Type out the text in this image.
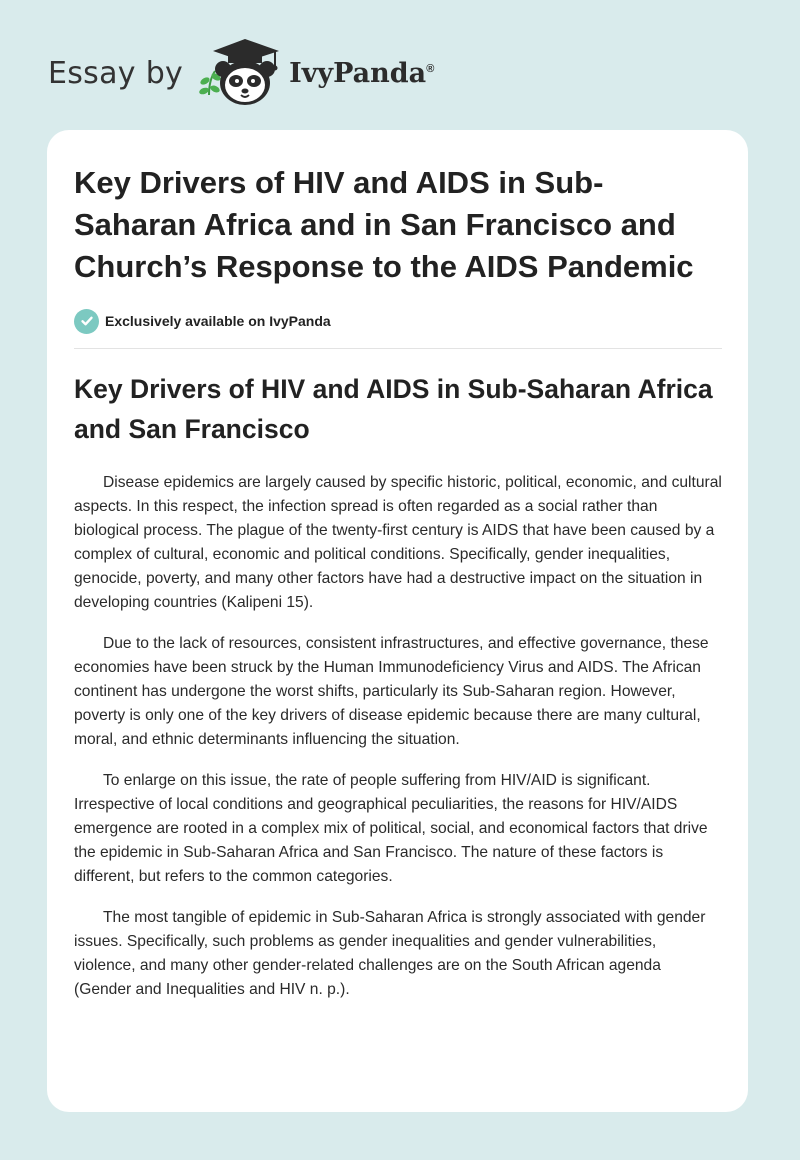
Essay by	IvyPanda®
Key Drivers of HIV and AIDS in Sub-Saharan Africa and in San Francisco and Church’s Response to the AIDS Pandemic
Exclusively available on IvyPanda
Key Drivers of HIV and AIDS in Sub-Saharan Africa and San Francisco

Disease epidemics are largely caused by specific historic, political, economic, and cultural aspects. In this respect, the infection spread is often regarded as a social rather than biological process. The plague of the twenty-first century is AIDS that have been caused by a complex of cultural, economic and political conditions. Specifically, gender inequalities, genocide, poverty, and many other factors have had a destructive impact on the situation in developing countries (Kalipeni 15).

Due to the lack of resources, consistent infrastructures, and effective governance, these economies have been struck by the Human Immunodeficiency Virus and AIDS. The African continent has undergone the worst shifts, particularly its Sub-Saharan region. However, poverty is only one of the key drivers of disease epidemic because there are many cultural, moral, and ethnic determinants influencing the situation.

To enlarge on this issue, the rate of people suffering from HIV/AID is significant. Irrespective of local conditions and geographical peculiarities, the reasons for HIV/AIDS emergence are rooted in a complex mix of political, social, and economical factors that drive the epidemic in Sub-Saharan Africa and San Francisco. The nature of these factors is different, but refers to the common categories.

The most tangible of epidemic in Sub-Saharan Africa is strongly associated with gender issues. Specifically, such problems as gender inequalities and gender vulnerabilities, violence, and many other gender-related challenges are on the South African agenda (Gender and Inequalities and HIV n. p.).
